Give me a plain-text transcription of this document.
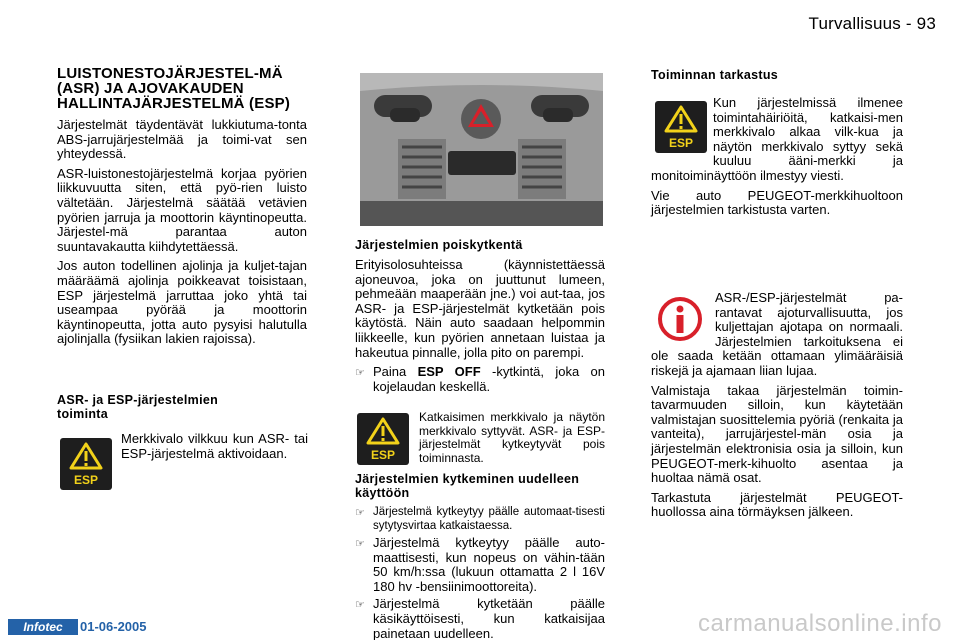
Turvallisuus - 93
LUISTONESTOJÄRJESTEL-MÄ (ASR) JA AJOVAKAUDEN HALLINTAJÄRJESTELMÄ (ESP)

Järjestelmät täydentävät lukkiutuma-tonta ABS-jarrujärjestelmää ja toimi-vat sen yhteydessä.

ASR-luistonestojärjestelmä korjaa pyörien liikkuvuutta siten, että pyö-rien luisto vältetään. Järjestelmä säätää vetävien pyörien jarruja ja moottorin käyntinopeutta. Järjestel-mä parantaa auton suuntavakautta kiihdytettäessä.

Jos auton todellinen ajolinja ja kuljet-tajan määräämä ajolinja poikkeavat toisistaan, ESP järjestelmä jarruttaa joko yhtä tai useampaa pyörää ja moottorin käyntinopeutta, jotta auto pysyisi halutulla ajolinjalla (fysiikan lakien rajoissa).

ASR- ja ESP-järjestelmien toiminta
ESP

Merkkivalo vilkkuu kun ASR- tai ESP-järjestelmä aktivoidaan.

Järjestelmien poiskytkentä

Erityisolosuhteissa (käynnistettäessä ajoneuvoa, joka on juuttunut lumeen, pehmeään maaperään jne.) voi aut-taa, jos ASR- ja ESP-järjestelmät kytketään pois käytöstä. Näin auto saadaan helpommin liikkeelle, kun pyörien annetaan luistaa ja hakeutua pinnalle, jolla pito on parempi.

☞ Paina ESP OFF -kytkintä, joka on kojelaudan keskellä.
ESP

Katkaisimen merkkivalo ja näytön merkkivalo syttyvät. ASR- ja ESP-järjestelmät kytkeytyvät pois toiminnasta.

Järjestelmien kytkeminen uudelleen käyttöön
☞ Järjestelmä kytkeytyy päälle automaat-tisesti sytytysvirtaa katkaistaessa.
☞ Järjestelmä kytkeytyy päälle auto-maattisesti, kun nopeus on vähin-tään 50 km/h:ssa (lukuun ottamatta 2 l 16V 180 hv -bensiinimoottoreita).
☞ Järjestelmä kytketään päälle käsikäyttöisesti, kun katkaisijaa painetaan uudelleen.
Toiminnan tarkastus
ESP

Kun järjestelmissä ilmenee toimintahäiriöitä, katkaisi-men merkkivalo alkaa vilk-kua ja näytön merkkivalo syttyy sekä kuuluu ääni-merkki ja monitoiminäyttöön ilmestyy viesti.

Vie auto PEUGEOT-merkkihuoltoon järjestelmien tarkistusta varten.

ASR-/ESP-järjestelmät pa-rantavat ajoturvallisuutta, jos kuljettajan ajotapa on normaali. Järjestelmien tarkoituksena ei ole saada ketään ottamaan ylimääräisiä riskejä ja ajamaan liian lujaa.

Valmistaja takaa järjestelmän toimin-tavarmuuden silloin, kun käytetään valmistajan suosittelemia pyöriä (renkaita ja vanteita), jarrujärjestel-män osia ja järjestelmän elektronisia osia ja silloin, kun PEUGEOT-merk-kihuolto asentaa ja huoltaa nämä osat.

Tarkastuta järjestelmät PEUGEOT-huollossa aina törmäyksen jälkeen.

Infotec	01-06-2005	carmanualsonline.info
